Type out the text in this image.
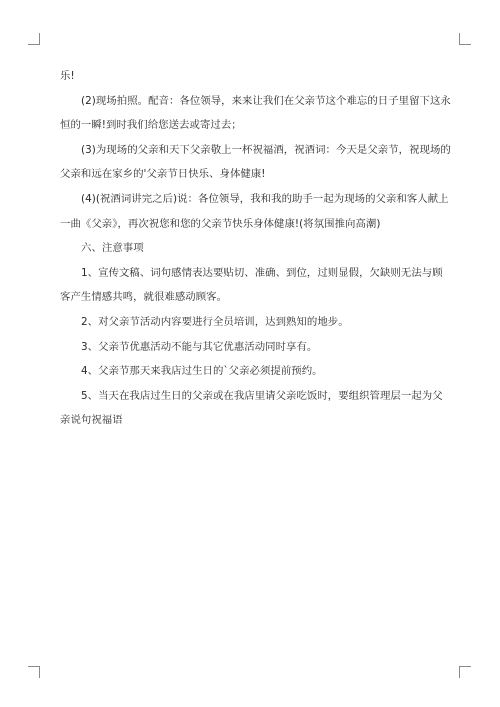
乐!
(2)现场拍照。配音：各位领导，来来让我们在父亲节这个难忘的日子里留下这永
恒的一瞬!到时我们给您送去或寄过去；
(3)为现场的父亲和天下父亲敬上一杯祝福酒，祝酒词：今天是父亲节，祝现场的
父亲和远在家乡的'父亲节日快乐、身体健康!
(4)(祝酒词讲完之后)说：各位领导，我和我的助手一起为现场的父亲和客人献上
一曲《父亲》，再次祝您和您的父亲节快乐身体健康!(将氛围推向高潮)
六、注意事项
1、宣传文稿、词句感情表达要贴切、准确、到位，过则显假，欠缺则无法与顾
客产生情感共鸣，就很难感动顾客。
2、对父亲节活动内容要进行全员培训，达到熟知的地步。
3、父亲节优惠活动不能与其它优惠活动同时享有。
4、父亲节那天来我店过生日的`父亲必须提前预约。
5、当天在我店过生日的父亲或在我店里请父亲吃饭时，要组织管理层一起为父
亲说句祝福语
